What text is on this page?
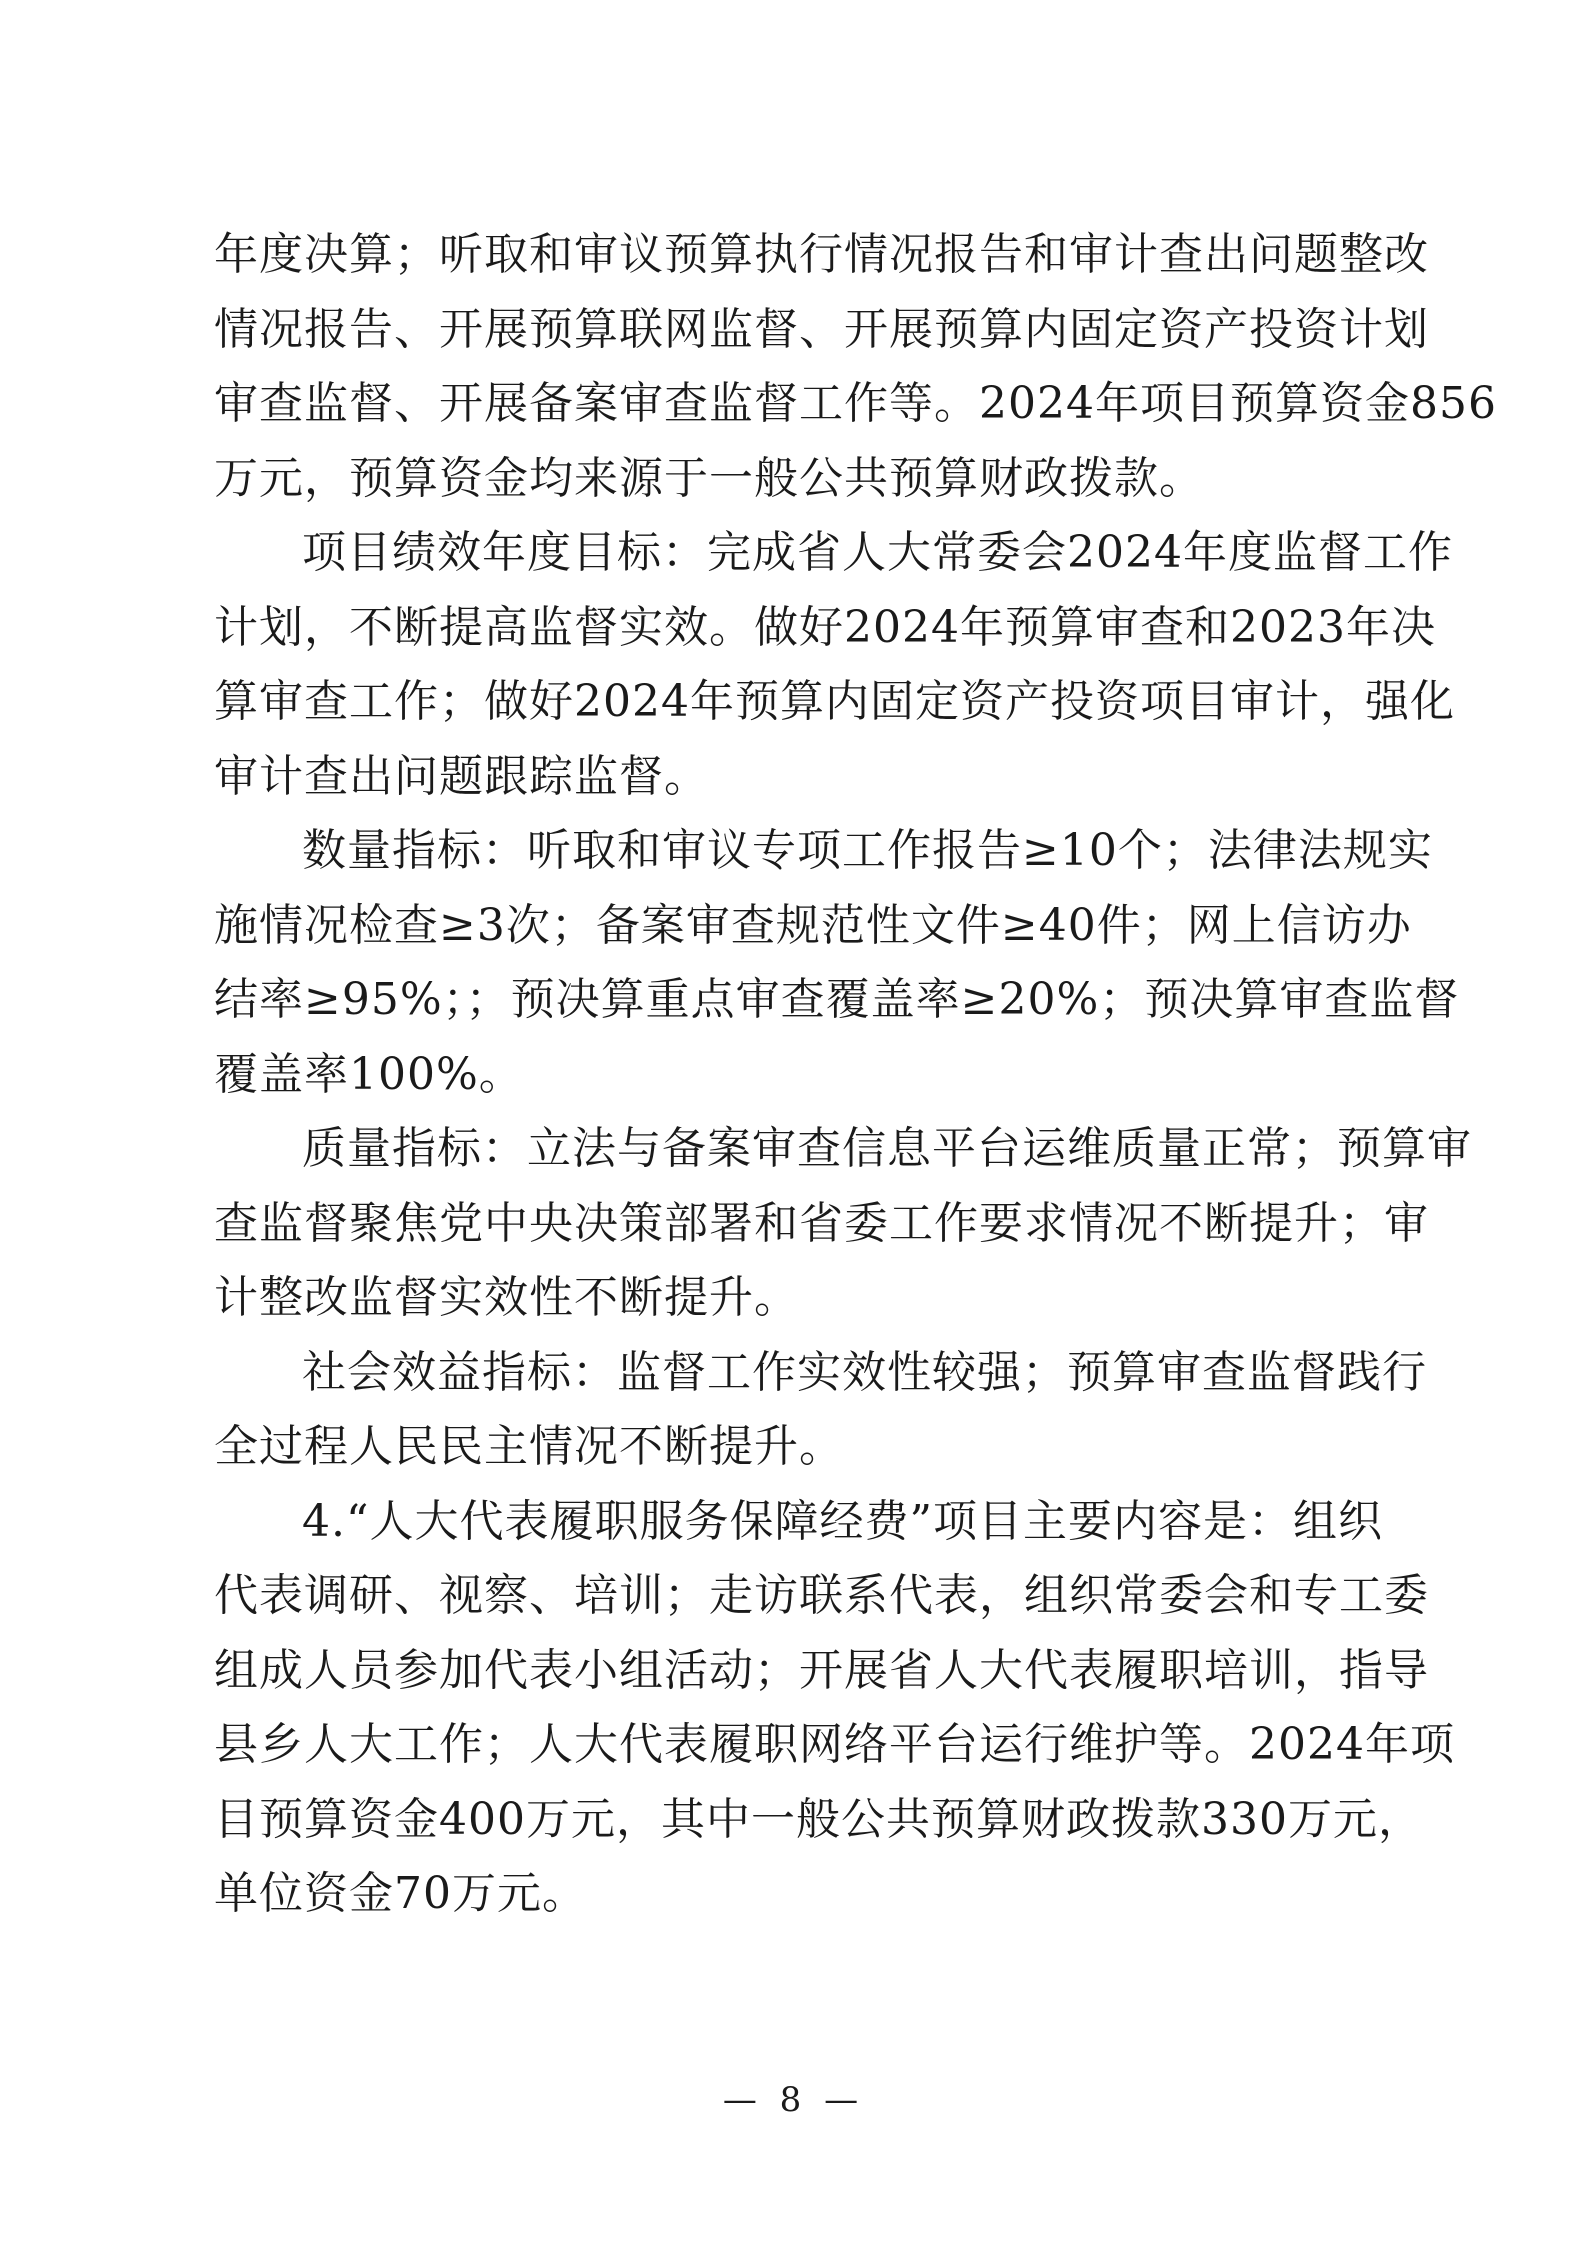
年度决算；听取和审议预算执行情况报告和审计查出问题整改
情况报告、开展预算联网监督、开展预算内固定资产投资计划
审查监督、开展备案审查监督工作等。2024年项目预算资金856
万元，预算资金均来源于一般公共预算财政拨款。
项目绩效年度目标：完成省人大常委会2024年度监督工作
计划，不断提高监督实效。做好2024年预算审查和2023年决
算审查工作；做好2024年预算内固定资产投资项目审计，强化
审计查出问题跟踪监督。
数量指标：听取和审议专项工作报告≥10个；法律法规实
施情况检查≥3次；备案审查规范性文件≥40件；网上信访办
结率≥95%；；预决算重点审查覆盖率≥20%；预决算审查监督
覆盖率100%。
质量指标：立法与备案审查信息平台运维质量正常；预算审
查监督聚焦党中央决策部署和省委工作要求情况不断提升；审
计整改监督实效性不断提升。
社会效益指标：监督工作实效性较强；预算审查监督践行
全过程人民民主情况不断提升。
4.“人大代表履职服务保障经费”项目主要内容是：组织
代表调研、视察、培训；走访联系代表，组织常委会和专工委
组成人员参加代表小组活动；开展省人大代表履职培训，指导
县乡人大工作；人大代表履职网络平台运行维护等。2024年项
目预算资金400万元，其中一般公共预算财政拨款330万元，
单位资金70万元。
— 8 —
